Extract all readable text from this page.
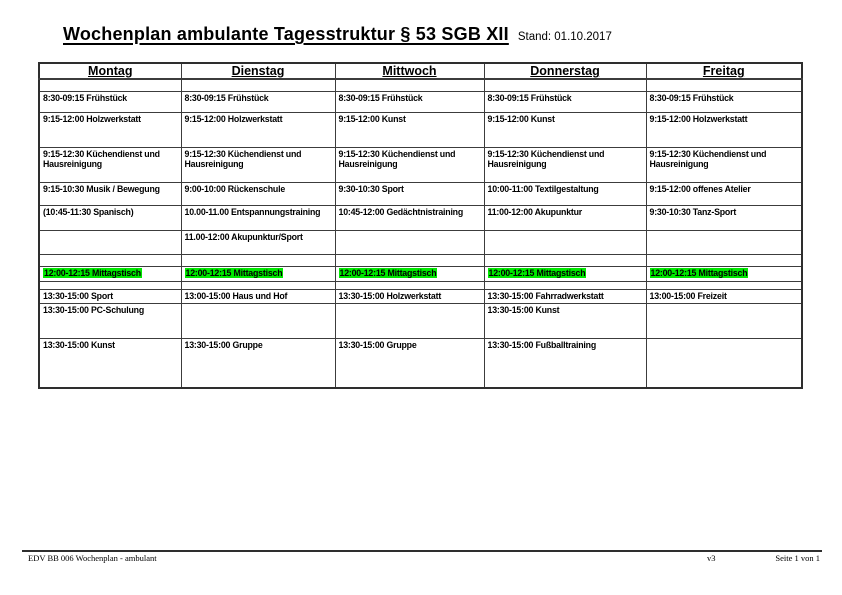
Wochenplan ambulante Tagesstruktur § 53 SGB XII Stand: 01.10.2017
Montag	Dienstag	Mittwoch	Donnerstag	Freitag

8:30-09:15 Frühstück	8:30-09:15 Frühstück	8:30-09:15 Frühstück	8:30-09:15 Frühstück	8:30-09:15 Frühstück
9:15-12:00 Holzwerkstatt	9:15-12:00 Holzwerkstatt	9:15-12:00 Kunst	9:15-12:00 Kunst	9:15-12:00 Holzwerkstatt
9:15-12:30 Küchendienst und Hausreinigung	9:15-12:30 Küchendienst und Hausreinigung	9:15-12:30 Küchendienst und Hausreinigung	9:15-12:30 Küchendienst und Hausreinigung	9:15-12:30 Küchendienst und Hausreinigung
9:15-10:30 Musik / Bewegung	9:00-10:00 Rückenschule	9:30-10:30 Sport	10:00-11:00 Textilgestaltung	9:15-12:00 offenes Atelier
(10:45-11:30 Spanisch)	10.00-11.00 Entspannungstraining	10:45-12:00 Gedächtnistraining	11:00-12:00 Akupunktur	9:30-10:30 Tanz-Sport
	11.00-12:00 Akupunktur/Sport			

12:00-12:15 Mittagstisch	12:00-12:15 Mittagstisch	12:00-12:15 Mittagstisch	12:00-12:15 Mittagstisch	12:00-12:15 Mittagstisch

13:30-15:00 Sport	13:00-15:00 Haus und Hof	13:30-15:00 Holzwerkstatt	13:30-15:00 Fahrradwerkstatt	13:00-15:00 Freizeit
13:30-15:00 PC-Schulung			13:30-15:00 Kunst	
13:30-15:00 Kunst	13:30-15:00 Gruppe	13:30-15:00 Gruppe	13:30-15:00 Fußballtraining	
EDV BB 006 Wochenplan - ambulant	v3	Seite 1 von 1
